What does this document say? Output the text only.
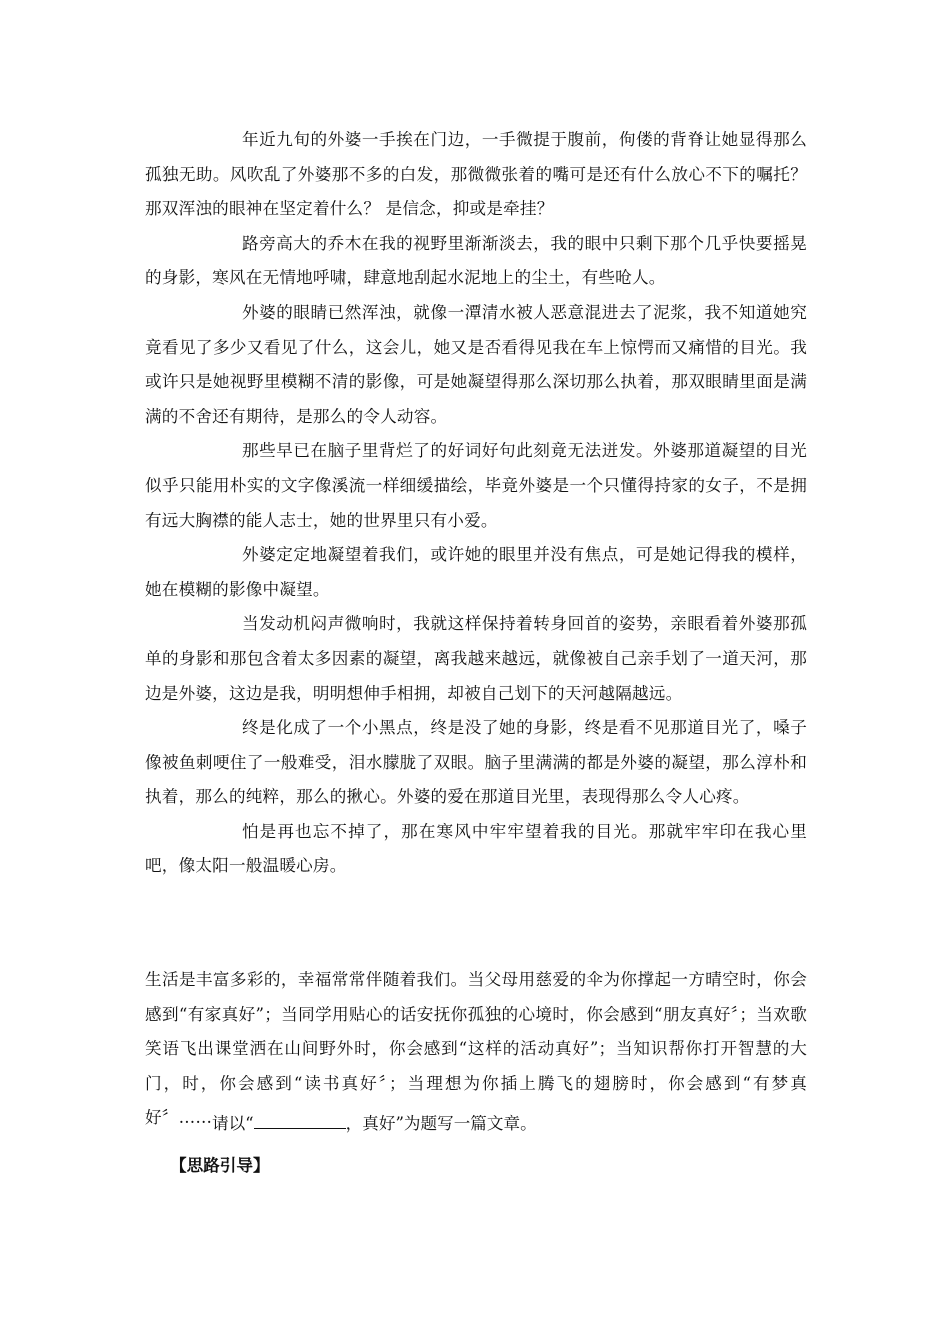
年近九旬的外婆一手挨在门边，一手微提于腹前，佝偻的背脊让她显得那么孤独无助。风吹乱了外婆那不多的白发，那微微张着的嘴可是还有什么放心不下的嘱托？ 那双浑浊的眼神在坚定着什么？ 是信念，抑或是牵挂？

路旁高大的乔木在我的视野里渐渐淡去，我的眼中只剩下那个几乎快要摇晃的身影，寒风在无情地呼啸，肆意地刮起水泥地上的尘土，有些呛人。

外婆的眼睛已然浑浊，就像一潭清水被人恶意混进去了泥浆，我不知道她究竟看见了多少又看见了什么，这会儿，她又是否看得见我在车上惊愕而又痛惜的目光。我或许只是她视野里模糊不清的影像，可是她凝望得那么深切那么执着，那双眼睛里面是满满的不舍还有期待，是那么的令人动容。

那些早已在脑子里背烂了的好词好句此刻竟无法迸发。外婆那道凝望的目光似乎只能用朴实的文字像溪流一样细缓描绘，毕竟外婆是一个只懂得持家的女子，不是拥有远大胸襟的能人志士，她的世界里只有小爱。

外婆定定地凝望着我们，或许她的眼里并没有焦点，可是她记得我的模样，她在模糊的影像中凝望。

当发动机闷声微响时，我就这样保持着转身回首的姿势，亲眼看着外婆那孤单的身影和那包含着太多因素的凝望，离我越来越远，就像被自己亲手划了一道天河，那边是外婆，这边是我，明明想伸手相拥，却被自己划下的天河越隔越远。

终是化成了一个小黑点，终是没了她的身影，终是看不见那道目光了，嗓子像被鱼刺哽住了一般难受，泪水朦胧了双眼。脑子里满满的都是外婆的凝望，那么淳朴和执着，那么的纯粹，那么的揪心。外婆的爱在那道目光里，表现得那么令人心疼。

怕是再也忘不掉了，那在寒风中牢牢望着我的目光。那就牢牢印在我心里吧，像太阳一般温暖心房。

生活是丰富多彩的，幸福常常伴随着我们。当父母用慈爱的伞为你撑起一方晴空时，你会感到“有家真好”；当同学用贴心的话安抚你孤独的心境时，你会感到“朋友真好〞；当欢歌笑语飞出课堂洒在山间野外时，你会感到“这样的活动真好”；当知识帮你打开智慧的大门，时，你会感到“读书真好〞；当理想为你插上腾飞的翅膀时，你会感到“有梦真好〞…… 请以“	，真好”为题写一篇文章。
【思路引导】
